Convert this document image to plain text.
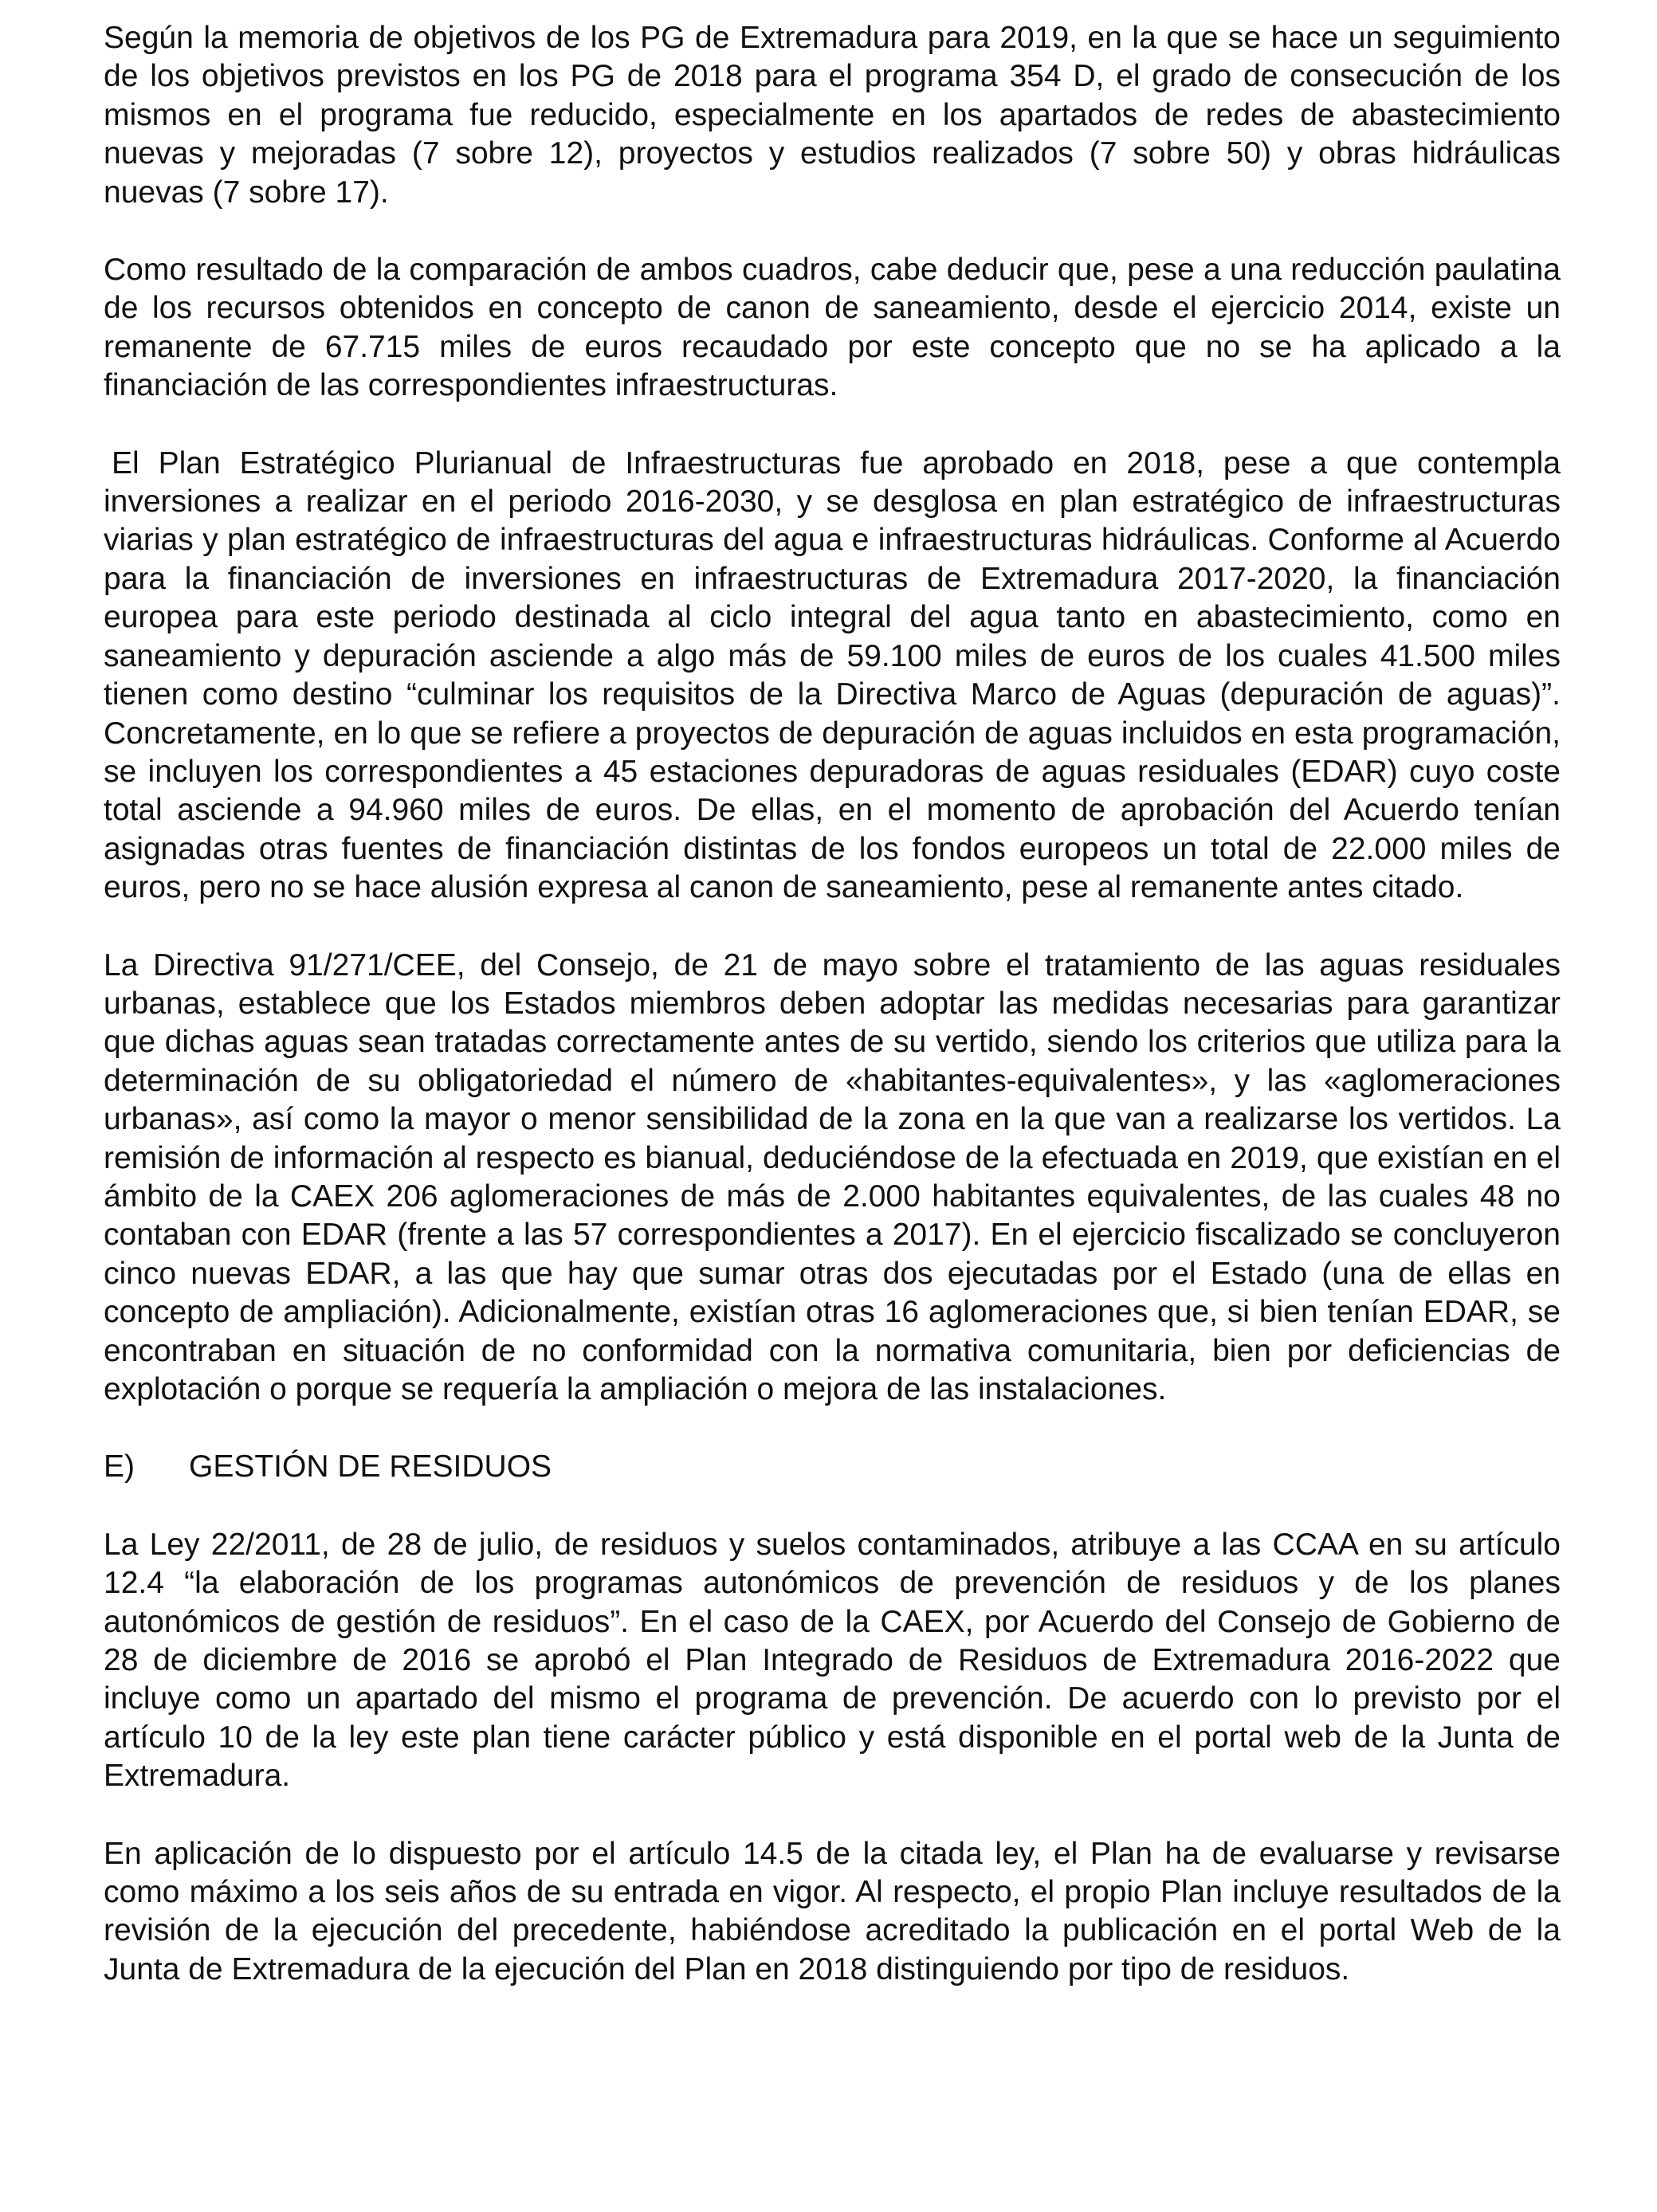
Según la memoria de objetivos de los PG de Extremadura para 2019, en la que se hace un seguimiento de los objetivos previstos en los PG de 2018 para el programa 354 D, el grado de consecución de los mismos en el programa fue reducido, especialmente en los apartados de redes de abastecimiento nuevas y mejoradas (7 sobre 12), proyectos y estudios realizados (7 sobre 50) y obras hidráulicas nuevas (7 sobre 17).

Como resultado de la comparación de ambos cuadros, cabe deducir que, pese a una reducción paulatina de los recursos obtenidos en concepto de canon de saneamiento, desde el ejercicio 2014, existe un remanente de 67.715 miles de euros recaudado por este concepto que no se ha aplicado a la financiación de las correspondientes infraestructuras.

El Plan Estratégico Plurianual de Infraestructuras fue aprobado en 2018, pese a que contempla inversiones a realizar en el periodo 2016-2030, y se desglosa en plan estratégico de infraestructuras viarias y plan estratégico de infraestructuras del agua e infraestructuras hidráulicas. Conforme al Acuerdo para la financiación de inversiones en infraestructuras de Extremadura 2017-2020, la financiación europea para este periodo destinada al ciclo integral del agua tanto en abastecimiento, como en saneamiento y depuración asciende a algo más de 59.100 miles de euros de los cuales 41.500 miles tienen como destino “culminar los requisitos de la Directiva Marco de Aguas (depuración de aguas)”. Concretamente, en lo que se refiere a proyectos de depuración de aguas incluidos en esta programación, se incluyen los correspondientes a 45 estaciones depuradoras de aguas residuales (EDAR) cuyo coste total asciende a 94.960 miles de euros. De ellas, en el momento de aprobación del Acuerdo tenían asignadas otras fuentes de financiación distintas de los fondos europeos un total de 22.000 miles de euros, pero no se hace alusión expresa al canon de saneamiento, pese al remanente antes citado.

La Directiva 91/271/CEE, del Consejo, de 21 de mayo sobre el tratamiento de las aguas residuales urbanas, establece que los Estados miembros deben adoptar las medidas necesarias para garantizar que dichas aguas sean tratadas correctamente antes de su vertido, siendo los criterios que utiliza para la determinación de su obligatoriedad el número de «habitantes-equivalentes», y las «aglomeraciones urbanas», así como la mayor o menor sensibilidad de la zona en la que van a realizarse los vertidos. La remisión de información al respecto es bianual, deduciéndose de la efectuada en 2019, que existían en el ámbito de la CAEX 206 aglomeraciones de más de 2.000 habitantes equivalentes, de las cuales 48 no contaban con EDAR (frente a las 57 correspondientes a 2017). En el ejercicio fiscalizado se concluyeron cinco nuevas EDAR, a las que hay que sumar otras dos ejecutadas por el Estado (una de ellas en concepto de ampliación). Adicionalmente, existían otras 16 aglomeraciones que, si bien tenían EDAR, se encontraban en situación de no conformidad con la normativa comunitaria, bien por deficiencias de explotación o porque se requería la ampliación o mejora de las instalaciones.

E)	GESTIÓN DE RESIDUOS

La Ley 22/2011, de 28 de julio, de residuos y suelos contaminados, atribuye a las CCAA en su artículo 12.4 “la elaboración de los programas autonómicos de prevención de residuos y de los planes autonómicos de gestión de residuos”. En el caso de la CAEX, por Acuerdo del Consejo de Gobierno de 28 de diciembre de 2016 se aprobó el Plan Integrado de Residuos de Extremadura 2016-2022 que incluye como un apartado del mismo el programa de prevención. De acuerdo con lo previsto por el artículo 10 de la ley este plan tiene carácter público y está disponible en el portal web de la Junta de Extremadura.

En aplicación de lo dispuesto por el artículo 14.5 de la citada ley, el Plan ha de evaluarse y revisarse como máximo a los seis años de su entrada en vigor. Al respecto, el propio Plan incluye resultados de la revisión de la ejecución del precedente, habiéndose acreditado la publicación en el portal Web de la Junta de Extremadura de la ejecución del Plan en 2018 distinguiendo por tipo de residuos.
